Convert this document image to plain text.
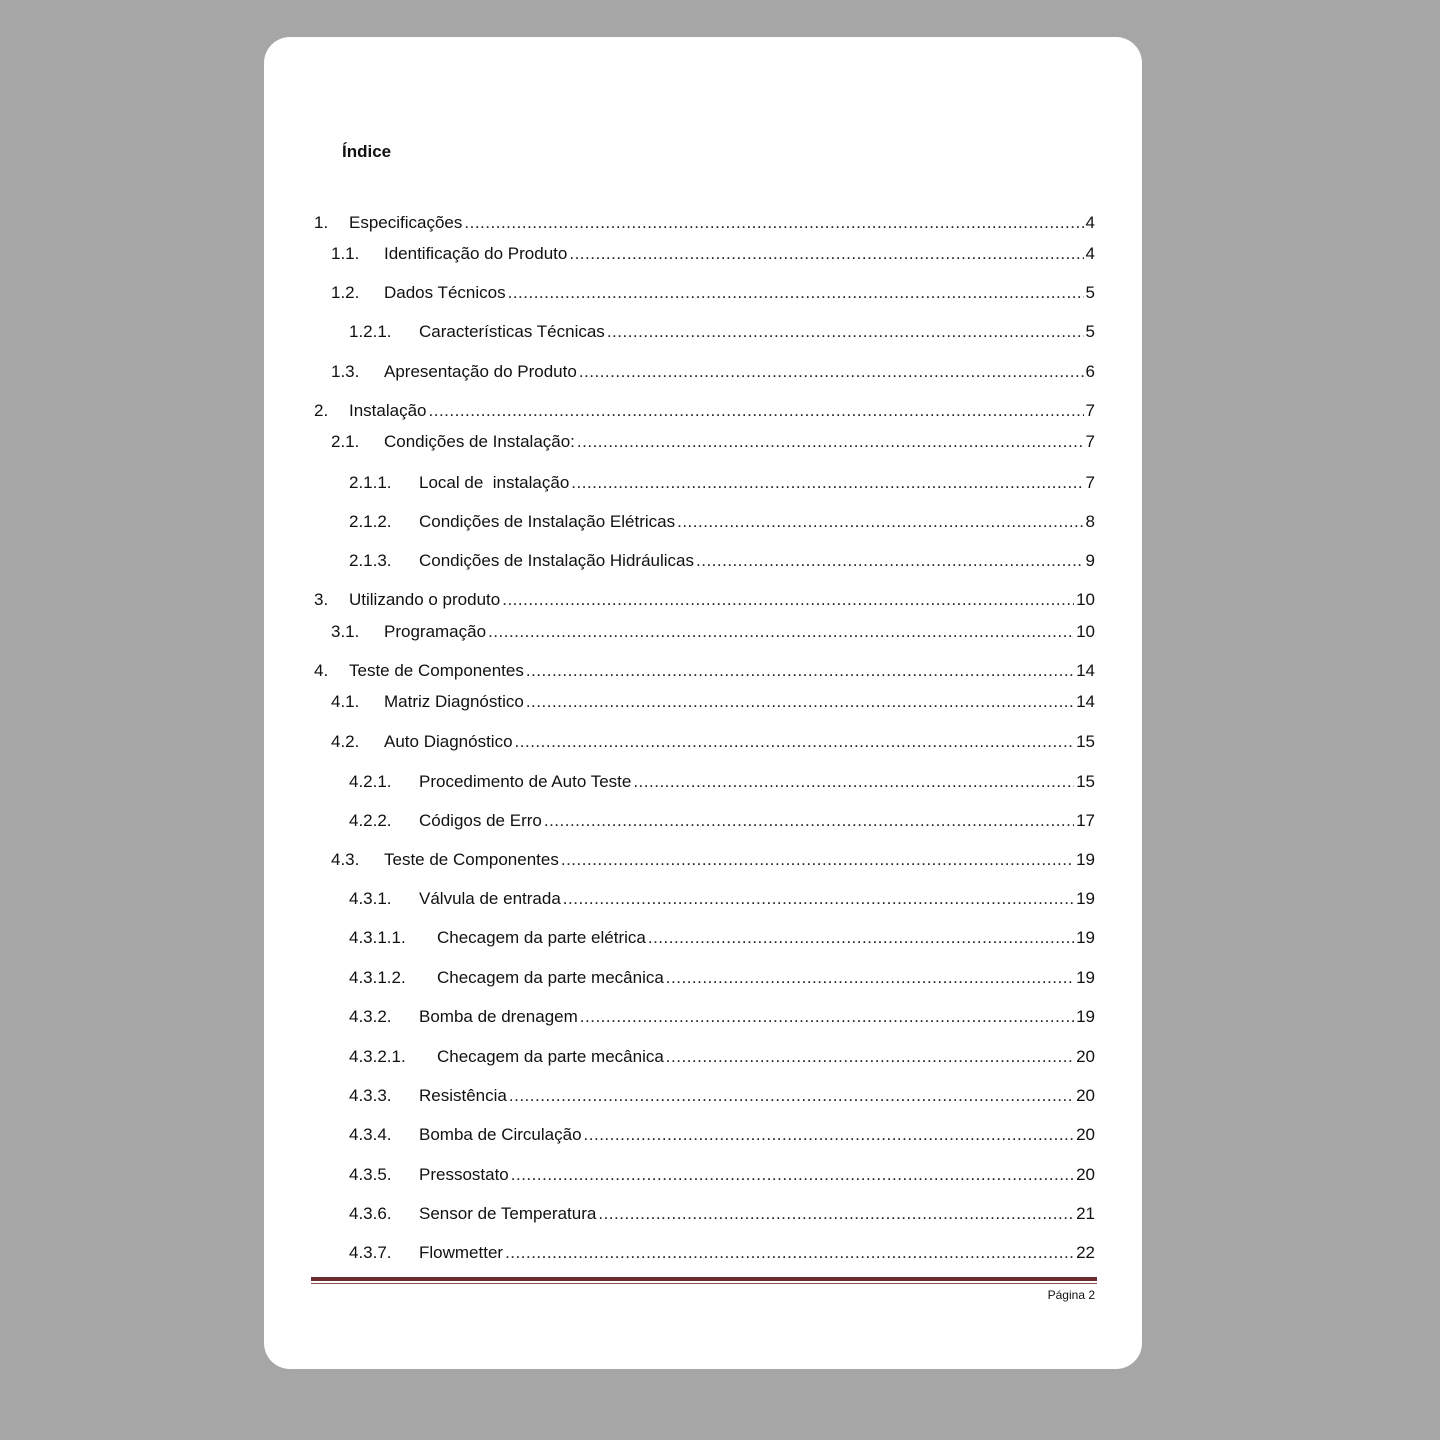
Índice
1. Especificações .....	4
1.1. Identificação do Produto .....	4
1.2. Dados Técnicos .....	5
1.2.1. Características Técnicas .....	5
1.3. Apresentação do Produto .....	6
2. Instalação .....	7
2.1. Condições de Instalação: .....	7
2.1.1. Local de  instalação .....	7
2.1.2. Condições de Instalação Elétricas .....	8
2.1.3. Condições de Instalação Hidráulicas .....	9
3. Utilizando o produto .....	10
3.1. Programação .....	10
4. Teste de Componentes .....	14
4.1. Matriz Diagnóstico .....	14
4.2. Auto Diagnóstico .....	15
4.2.1. Procedimento de Auto Teste .....	15
4.2.2. Códigos de Erro .....	17
4.3. Teste de Componentes .....	19
4.3.1. Válvula de entrada .....	19
4.3.1.1. Checagem da parte elétrica .....	19
4.3.1.2. Checagem da parte mecânica .....	19
4.3.2. Bomba de drenagem .....	19
4.3.2.1. Checagem da parte mecânica .....	20
4.3.3. Resistência .....	20
4.3.4. Bomba de Circulação .....	20
4.3.5. Pressostato .....	20
4.3.6. Sensor de Temperatura .....	21
4.3.7. Flowmetter .....	22
Página 2
